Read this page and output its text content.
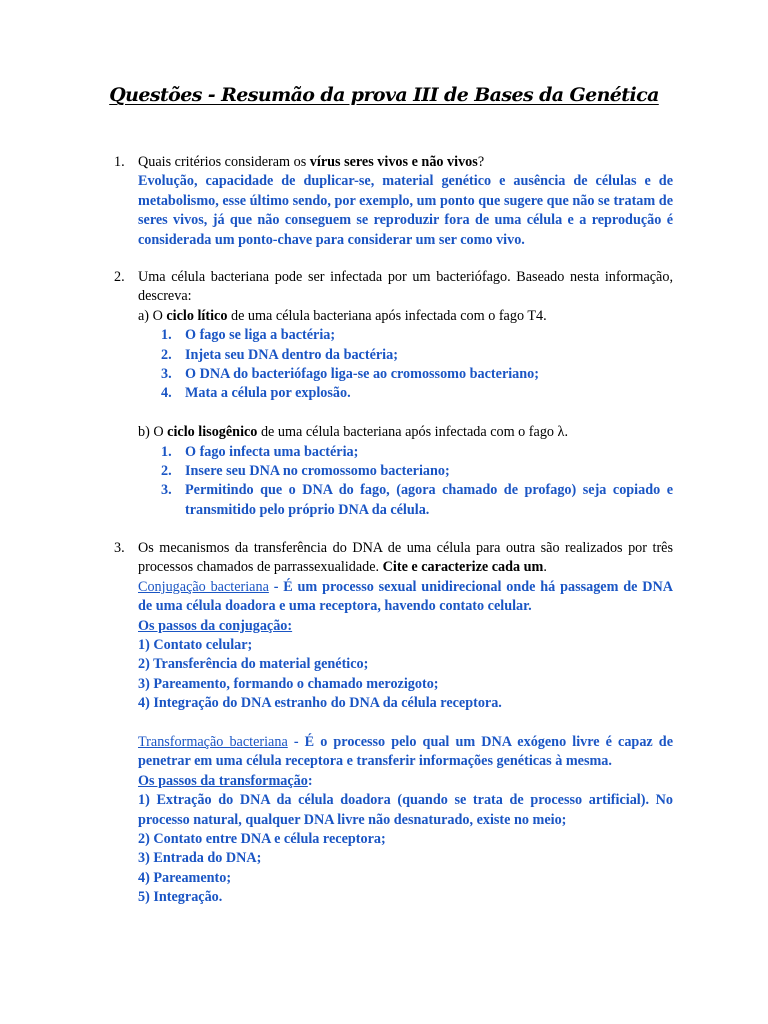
Questões - Resumão da prova III de Bases da Genética
1. Quais critérios consideram os vírus seres vivos e não vivos?

Evolução, capacidade de duplicar-se, material genético e ausência de células e de metabolismo, esse último sendo, por exemplo, um ponto que sugere que não se tratam de seres vivos, já que não conseguem se reproduzir fora de uma célula e a reprodução é considerada um ponto-chave para considerar um ser como vivo.

2. Uma célula bacteriana pode ser infectada por um bacteriófago. Baseado nesta informação, descreva:

a) O ciclo lítico de uma célula bacteriana após infectada com o fago T4.

1. O fago se liga a bactéria;
2. Injeta seu DNA dentro da bactéria;
3. O DNA do bacteriófago liga-se ao cromossomo bacteriano;
4. Mata a célula por explosão.

b) O ciclo lisogênico de uma célula bacteriana após infectada com o fago λ.

1. O fago infecta uma bactéria;
2. Insere seu DNA no cromossomo bacteriano;
3. Permitindo que o DNA do fago, (agora chamado de profago) seja copiado e transmitido pelo próprio DNA da célula.
3. Os mecanismos da transferência do DNA de uma célula para outra são realizados por três processos chamados de parrassexualidade. Cite e caracterize cada um.

Conjugação bacteriana - É um processo sexual unidirecional onde há passagem de DNA de uma célula doadora e uma receptora, havendo contato celular.

Os passos da conjugação:

1) Contato celular;

2) Transferência do material genético;

3) Pareamento, formando o chamado merozigoto;

4) Integração do DNA estranho do DNA da célula receptora.

Transformação bacteriana - É o processo pelo qual um DNA exógeno livre é capaz de penetrar em uma célula receptora e transferir informações genéticas à mesma.

Os passos da transformação:

1) Extração do DNA da célula doadora (quando se trata de processo artificial). No processo natural, qualquer DNA livre não desnaturado, existe no meio;

2) Contato entre DNA e célula receptora;

3) Entrada do DNA;

4) Pareamento;

5) Integração.
